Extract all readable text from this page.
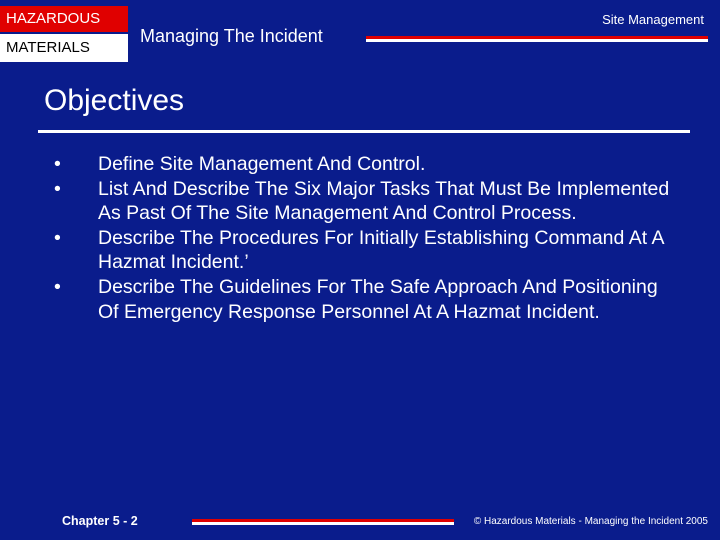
HAZARDOUS
MATERIALS
Managing The Incident
Site Management
Objectives
• Define Site Management And Control.
• List And Describe The Six Major Tasks That Must Be Implemented As Past Of The Site Management And Control Process.
• Describe The Procedures For Initially Establishing Command At A Hazmat Incident.’
• Describe The Guidelines For The Safe Approach And Positioning Of Emergency Response Personnel At A Hazmat Incident.
Chapter 5 - 2	© Hazardous Materials - Managing the Incident 2005
